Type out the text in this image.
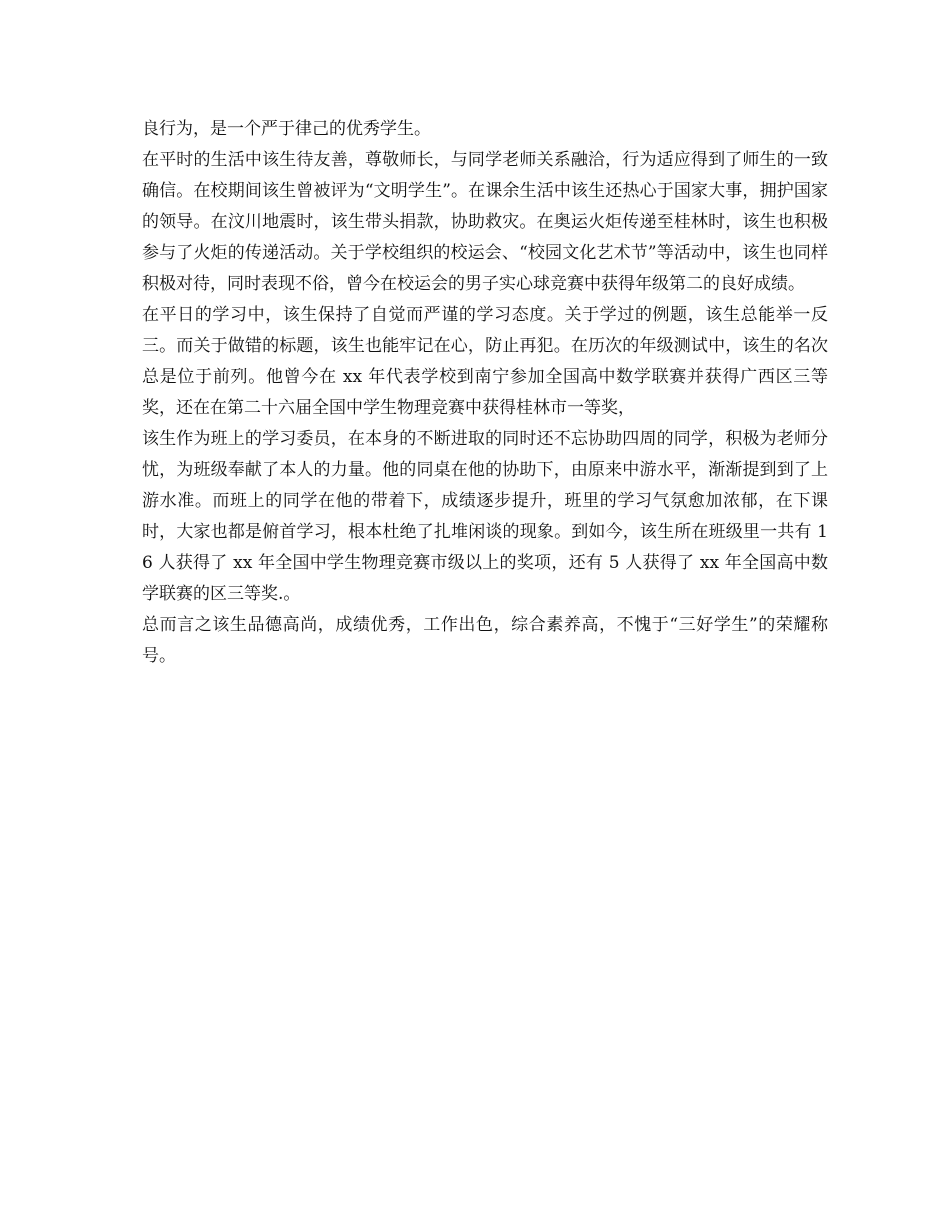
良行为，是一个严于律己的优秀学生。

在平时的生活中该生待友善，尊敬师长，与同学老师关系融洽，行为适应得到了师生的一致确信。在校期间该生曾被评为“文明学生”。在课余生活中该生还热心于国家大事，拥护国家的领导。在汶川地震时，该生带头捐款，协助救灾。在奥运火炬传递至桂林时，该生也积极参与了火炬的传递活动。关于学校组织的校运会、“校园文化艺术节”等活动中，该生也同样积极对待，同时表现不俗，曾今在校运会的男子实心球竞赛中获得年级第二的良好成绩。

在平日的学习中，该生保持了自觉而严谨的学习态度。关于学过的例题，该生总能举一反三。而关于做错的标题，该生也能牢记在心，防止再犯。在历次的年级测试中，该生的名次总是位于前列。他曾今在 xx 年代表学校到南宁参加全国高中数学联赛并获得广西区三等奖，还在在第二十六届全国中学生物理竞赛中获得桂林市一等奖，

该生作为班上的学习委员，在本身的不断进取的同时还不忘协助四周的同学，积极为老师分忧，为班级奉献了本人的力量。他的同桌在他的协助下，由原来中游水平，渐渐提到到了上游水准。而班上的同学在他的带着下，成绩逐步提升，班里的学习气氛愈加浓郁，在下课时，大家也都是俯首学习，根本杜绝了扎堆闲谈的现象。到如今，该生所在班级里一共有 16 人获得了 xx 年全国中学生物理竞赛市级以上的奖项，还有 5 人获得了 xx 年全国高中数学联赛的区三等奖.。

总而言之该生品德高尚，成绩优秀，工作出色，综合素养高，不愧于“三好学生”的荣耀称号。
